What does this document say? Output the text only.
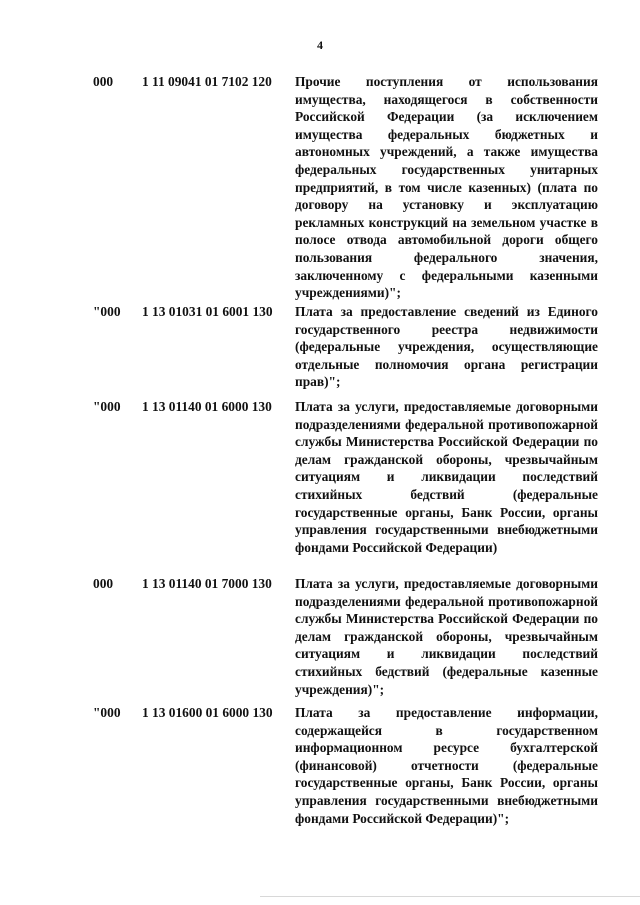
4
000 1 11 09041 01 7102 120 Прочие поступления от использования имущества, находящегося в собственности Российской Федерации (за исключением имущества федеральных бюджетных и автономных учреждений, а также имущества федеральных государственных унитарных предприятий, в том числе казенных) (плата по договору на установку и эксплуатацию рекламных конструкций на земельном участке в полосе отвода автомобильной дороги общего пользования федерального значения, заключенному с федеральными казенными учреждениями)";
"000 1 13 01031 01 6001 130 Плата за предоставление сведений из Единого государственного реестра недвижимости (федеральные учреждения, осуществляющие отдельные полномочия органа регистрации прав)";
"000 1 13 01140 01 6000 130 Плата за услуги, предоставляемые договорными подразделениями федеральной противопожарной службы Министерства Российской Федерации по делам гражданской обороны, чрезвычайным ситуациям и ликвидации последствий стихийных бедствий (федеральные государственные органы, Банк России, органы управления государственными внебюджетными фондами Российской Федерации)
000 1 13 01140 01 7000 130 Плата за услуги, предоставляемые договорными подразделениями федеральной противопожарной службы Министерства Российской Федерации по делам гражданской обороны, чрезвычайным ситуациям и ликвидации последствий стихийных бедствий (федеральные казенные учреждения)";
"000 1 13 01600 01 6000 130 Плата за предоставление информации, содержащейся в государственном информационном ресурсе бухгалтерской (финансовой) отчетности (федеральные государственные органы, Банк России, органы управления государственными внебюджетными фондами Российской Федерации)";
